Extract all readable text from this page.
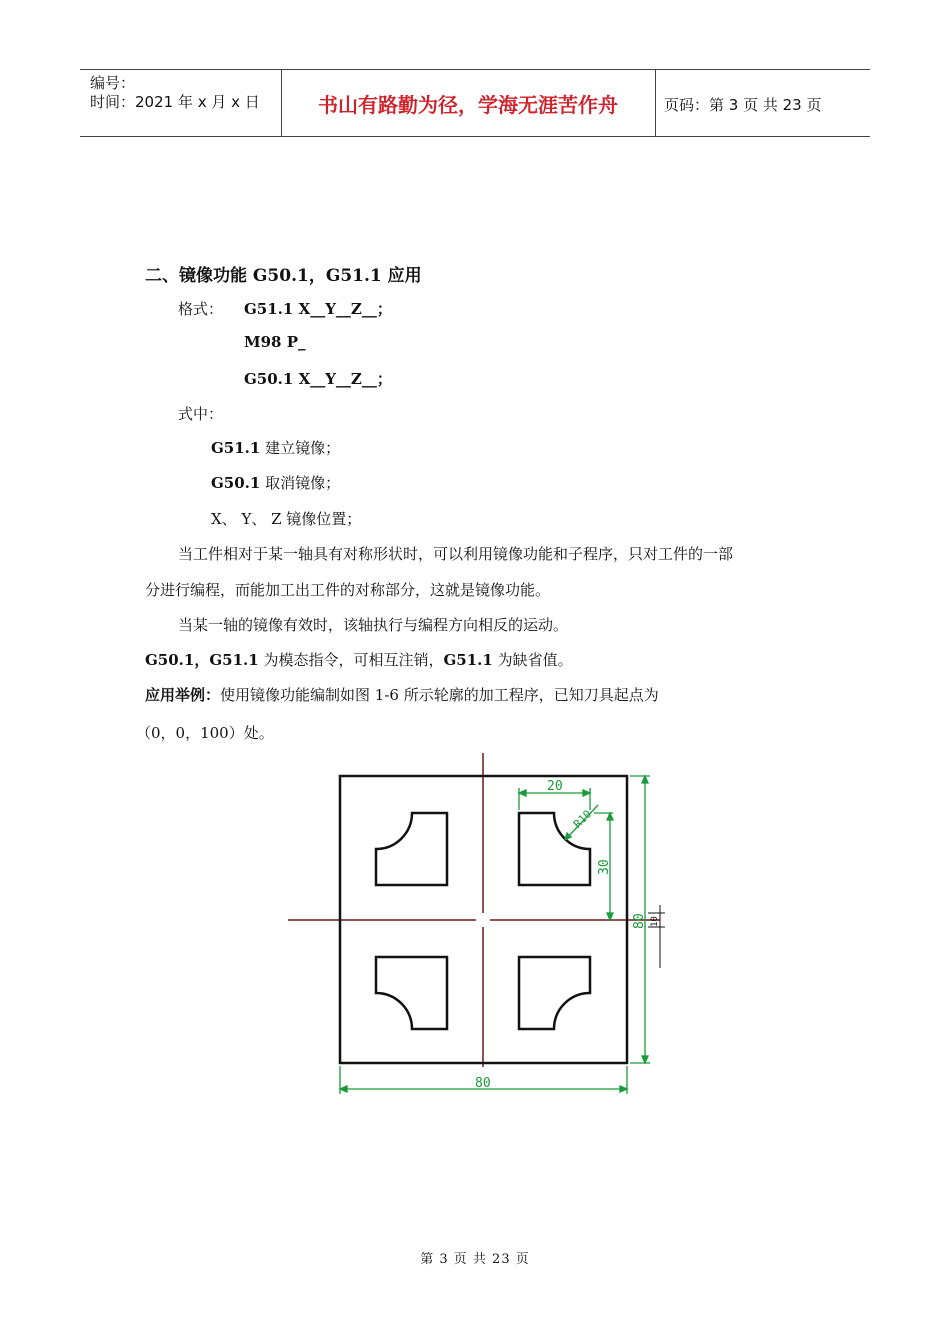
编号：
时间：2021 年 x 月 x 日	书山有路勤为径，学海无涯苦作舟	页码：第 3 页 共 23 页
二、镜像功能 G50.1，G51.1 应用
格式： G51.1 X__Y__Z__；
M98 P_
G50.1 X__Y__Z__；
式中：
G51.1 建立镜像；
G50.1 取消镜像；
X、 Y、 Z 镜像位置；
当工件相对于某一轴具有对称形状时，可以利用镜像功能和子程序，只对工件的一部
分进行编程，而能加工出工件的对称部分，这就是镜像功能。
当某一轴的镜像有效时，该轴执行与编程方向相反的运动。
G50.1，G51.1 为模态指令，可相互注销，G51.1 为缺省值。
应用举例：使用镜像功能编制如图 1-6 所示轮廓的加工程序，已知刀具起点为
（0，0，100）处。
20
R10
30
80
80
10
第 3 页 共 23 页
